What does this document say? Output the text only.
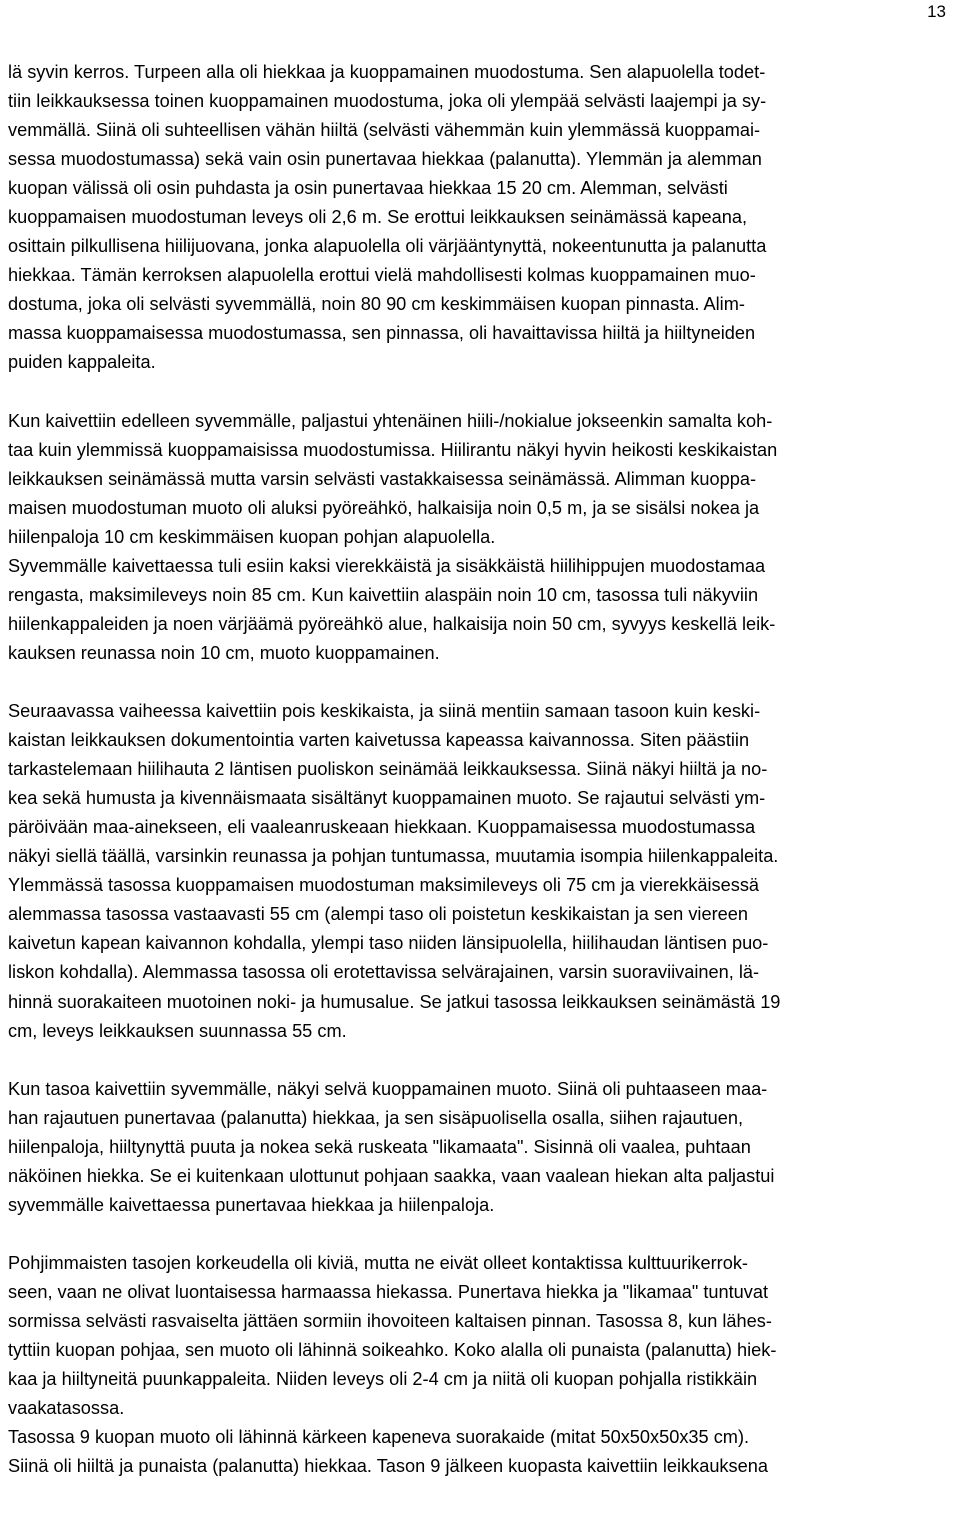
13
lä syvin kerros. Turpeen alla oli hiekkaa ja kuoppamainen muodostuma. Sen alapuolella todet-
tiin leikkauksessa toinen kuoppamainen muodostuma, joka oli ylempää selvästi laajempi ja sy-
vemmällä. Siinä oli suhteellisen vähän hiiltä (selvästi vähemmän kuin ylemmässä kuoppamai-
sessa muodostumassa) sekä vain osin punertavaa hiekkaa (palanutta). Ylemmän ja alemman
kuopan välissä oli osin puhdasta ja osin punertavaa hiekkaa 15 20 cm. Alemman, selvästi
kuoppamaisen muodostuman leveys oli 2,6 m. Se erottui leikkauksen seinämässä kapeana,
osittain pilkullisena hiilijuovana, jonka alapuolella oli värjääntynyttä, nokeentunutta ja palanutta
hiekkaa. Tämän kerroksen alapuolella erottui vielä mahdollisesti kolmas kuoppamainen muo-
dostuma, joka oli selvästi syvemmällä, noin 80 90 cm keskimmäisen kuopan pinnasta. Alim-
massa kuoppamaisessa muodostumassa, sen pinnassa, oli havaittavissa hiiltä ja hiiltyneiden
puiden kappaleita.
Kun kaivettiin edelleen syvemmälle, paljastui yhtenäinen hiili-/nokialue jokseenkin samalta koh-
taa kuin ylemmissä kuoppamaisissa muodostumissa. Hiilirantu näkyi hyvin heikosti keskikaistan
leikkauksen seinämässä mutta varsin selvästi vastakkaisessa seinämässä. Alimman kuoppa-
maisen muodostuman muoto oli aluksi pyöreähkö, halkaisija noin 0,5 m, ja se sisälsi nokea ja
hiilenpaloja 10 cm keskimmäisen kuopan pohjan alapuolella.
Syvemmälle kaivettaessa tuli esiin kaksi vierekkäistä ja sisäkkäistä hiilihippujen muodostamaa
rengasta, maksimileveys noin 85 cm. Kun kaivettiin alaspäin noin 10 cm, tasossa tuli näkyviin
hiilenkappaleiden ja noen värjäämä pyöreähkö alue, halkaisija noin 50 cm, syvyys keskellä leik-
kauksen reunassa noin 10 cm, muoto kuoppamainen.
Seuraavassa vaiheessa kaivettiin pois keskikaista, ja siinä mentiin samaan tasoon kuin keski-
kaistan leikkauksen dokumentointia varten kaivetussa kapeassa kaivannossa. Siten päästiin
tarkastelemaan hiilihauta 2 läntisen puoliskon seinämää leikkauksessa. Siinä näkyi hiiltä ja no-
kea sekä humusta ja kivennäismaata sisältänyt kuoppamainen muoto. Se rajautui selvästi ym-
päröivään maa-ainekseen, eli vaaleanruskeaan hiekkaan. Kuoppamaisessa muodostumassa
näkyi siellä täällä, varsinkin reunassa ja pohjan tuntumassa, muutamia isompia hiilenkappaleita.
Ylemmässä tasossa kuoppamaisen muodostuman maksimileveys oli 75 cm ja vierekkäisessä
alemmassa tasossa vastaavasti 55 cm (alempi taso oli poistetun keskikaistan ja sen viereen
kaivetun kapean kaivannon kohdalla, ylempi taso niiden länsipuolella, hiilihaudan läntisen puo-
liskon kohdalla). Alemmassa tasossa oli erotettavissa selvärajainen, varsin suoraviivainen, lä-
hinnä suorakaiteen muotoinen noki- ja humusalue. Se jatkui tasossa leikkauksen seinämästä 19
cm, leveys leikkauksen suunnassa 55 cm.
Kun tasoa kaivettiin syvemmälle, näkyi selvä kuoppamainen muoto. Siinä oli puhtaaseen maa-
han rajautuen punertavaa (palanutta) hiekkaa, ja sen sisäpuolisella osalla, siihen rajautuen,
hiilenpaloja, hiiltynyttä puuta ja nokea sekä ruskeata "likamaata". Sisinnä oli vaalea, puhtaan
näköinen hiekka. Se ei kuitenkaan ulottunut pohjaan saakka, vaan vaalean hiekan alta paljastui
syvemmälle kaivettaessa punertavaa hiekkaa ja hiilenpaloja.
Pohjimmaisten tasojen korkeudella oli kiviä, mutta ne eivät olleet kontaktissa kulttuurikerrok-
seen, vaan ne olivat luontaisessa harmaassa hiekassa. Punertava hiekka ja "likamaa" tuntuvat
sormissa selvästi rasvaiselta jättäen sormiin ihovoiteen kaltaisen pinnan. Tasossa 8, kun lähes-
tyttiin kuopan pohjaa, sen muoto oli lähinnä soikeahko. Koko alalla oli punaista (palanutta) hiek-
kaa ja hiiltyneitä puunkappaleita. Niiden leveys oli 2-4 cm ja niitä oli kuopan pohjalla ristikkäin
vaakatasossa.
Tasossa 9 kuopan muoto oli lähinnä kärkeen kapeneva suorakaide (mitat 50x50x50x35 cm).
Siinä oli hiiltä ja punaista (palanutta) hiekkaa. Tason 9 jälkeen kuopasta kaivettiin leikkauksena
